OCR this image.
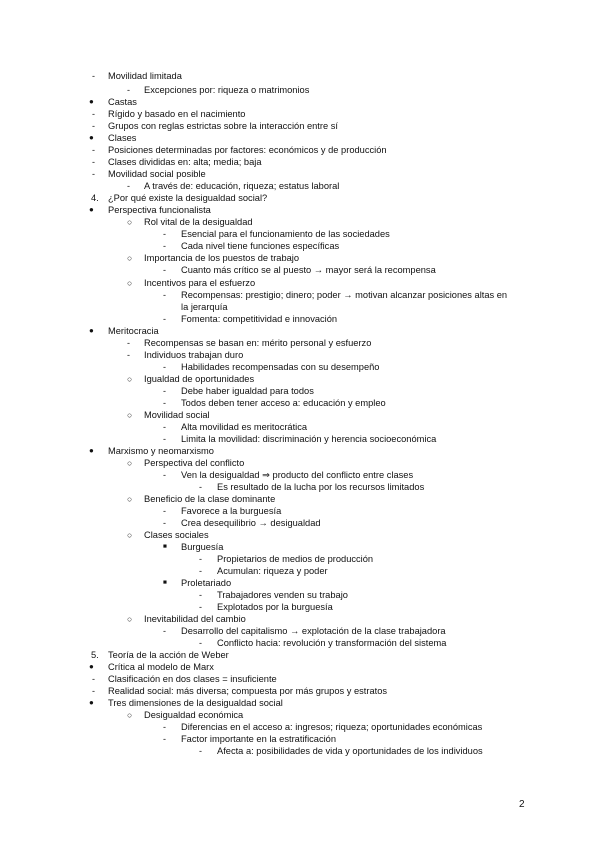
- Movilidad limitada
- Excepciones por: riqueza o matrimonios
● Castas
- Rígido y basado en el nacimiento
- Grupos con reglas estrictas sobre la interacción entre sí
● Clases
- Posiciones determinadas por factores: económicos y de producción
- Clases divididas en: alta; media; baja
- Movilidad social posible
- A través de: educación, riqueza; estatus laboral
4. ¿Por qué existe la desigualdad social?
● Perspectiva funcionalista
○ Rol vital de la desigualdad
- Esencial para el funcionamiento de las sociedades
- Cada nivel tiene funciones específicas
○ Importancia de los puestos de trabajo
- Cuanto más crítico se al puesto → mayor será la recompensa
○ Incentivos para el esfuerzo
- Recompensas: prestigio; dinero; poder → motivan alcanzar posiciones altas en la jerarquía
- Fomenta: competitividad e innovación
● Meritocracia
- Recompensas se basan en: mérito personal y esfuerzo
- Individuos trabajan duro
- Habilidades recompensadas con su desempeño
○ Igualdad de oportunidades
- Debe haber igualdad para todos
- Todos deben tener acceso a: educación y empleo
○ Movilidad social
- Alta movilidad es meritocrática
- Limita la movilidad: discriminación y herencia socioeconómica
● Marxismo y neomarxismo
○ Perspectiva del conflicto
- Ven la desigualdad ⇒ producto del conflicto entre clases
- Es resultado de la lucha por los recursos limitados
○ Beneficio de la clase dominante
- Favorece a la burguesía
- Crea desequilibrio → desigualdad
○ Clases sociales
■ Burguesía
- Propietarios de medios de producción
- Acumulan: riqueza y poder
■ Proletariado
- Trabajadores venden su trabajo
- Explotados por la burguesía
○ Inevitabilidad del cambio
- Desarrollo del capitalismo → explotación de la clase trabajadora
- Conflicto hacia: revolución y transformación del sistema
5. Teoría de la acción de Weber
● Crítica al modelo de Marx
- Clasificación en dos clases = insuficiente
- Realidad social: más diversa; compuesta por más grupos y estratos
● Tres dimensiones de la desigualdad social
○ Desigualdad económica
- Diferencias en el acceso a: ingresos; riqueza; oportunidades económicas
- Factor importante en la estratificación
- Afecta a: posibilidades de vida y oportunidades de los individuos
2
